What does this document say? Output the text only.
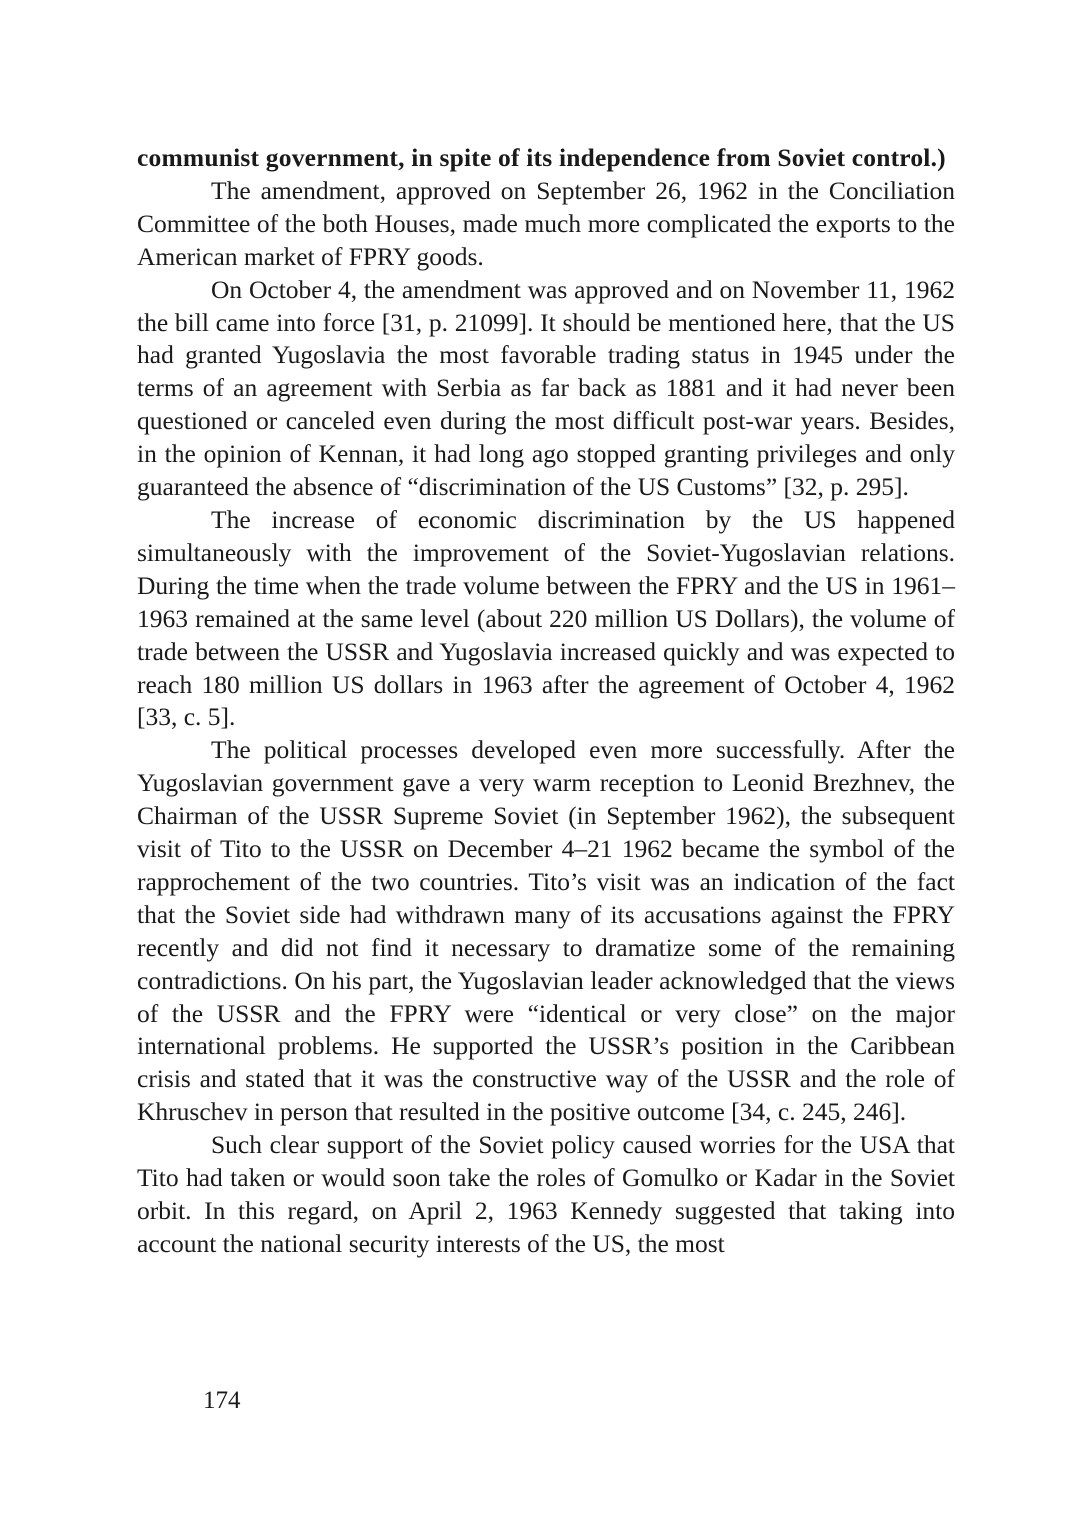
communist government, in spite of its independence from Soviet control.)

The amendment, approved on September 26, 1962 in the Conciliation Committee of the both Houses, made much more complicated the exports to the American market of FPRY goods.

On October 4, the amendment was approved and on November 11, 1962 the bill came into force [31, p. 21099]. It should be mentioned here, that the US had granted Yugoslavia the most favorable trading status in 1945 under the terms of an agreement with Serbia as far back as 1881 and it had never been questioned or canceled even during the most difficult post-war years. Besides, in the opinion of Kennan, it had long ago stopped granting privileges and only guaranteed the absence of “discrimination of the US Customs” [32, p. 295].

The increase of economic discrimination by the US happened simultaneously with the improvement of the Soviet-Yugoslavian relations. During the time when the trade volume between the FPRY and the US in 1961–1963 remained at the same level (about 220 million US Dollars), the volume of trade between the USSR and Yugoslavia increased quickly and was expected to reach 180 million US dollars in 1963 after the agreement of October 4, 1962 [33, c. 5].

The political processes developed even more successfully. After the Yugoslavian government gave a very warm reception to Leonid Brezhnev, the Chairman of the USSR Supreme Soviet (in September 1962), the subsequent visit of Tito to the USSR on December 4–21 1962 became the symbol of the rapprochement of the two countries. Tito’s visit was an indication of the fact that the Soviet side had withdrawn many of its accusations against the FPRY recently and did not find it necessary to dramatize some of the remaining contradictions. On his part, the Yugoslavian leader acknowledged that the views of the USSR and the FPRY were “identical or very close” on the major international problems. He supported the USSR’s position in the Caribbean crisis and stated that it was the constructive way of the USSR and the role of Khruschev in person that resulted in the positive outcome [34, c. 245, 246].

Such clear support of the Soviet policy caused worries for the USA that Tito had taken or would soon take the roles of Gomulko or Kadar in the Soviet orbit. In this regard, on April 2, 1963 Kennedy suggested that taking into account the national security interests of the US, the most

174
